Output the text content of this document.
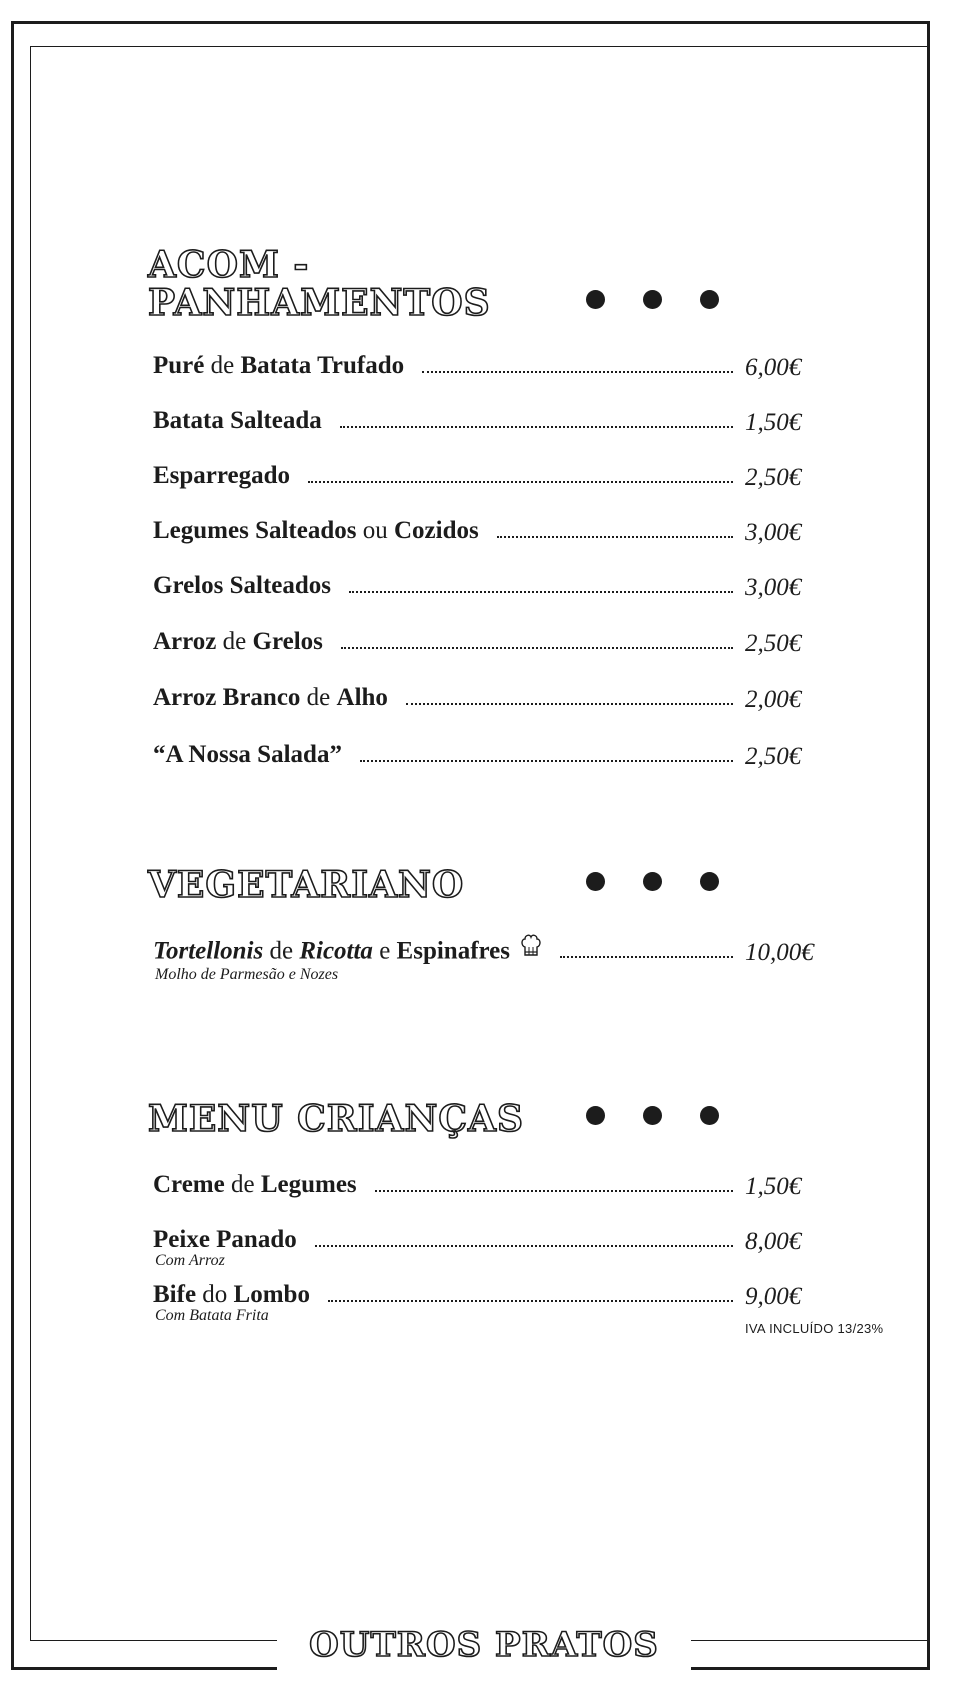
ACOM -
PANHAMENTOS
Puré de Batata Trufado	6,00€
Batata Salteada	1,50€
Esparregado	2,50€
Legumes Salteados ou Cozidos	3,00€
Grelos Salteados	3,00€
Arroz de Grelos	2,50€
Arroz Branco de Alho	2,00€
“A Nossa Salada”	2,50€
VEGETARIANO
Tortellonis de Ricotta e Espinafres	10,00€
Molho de Parmesão e Nozes
MENU CRIANÇAS
Creme de Legumes	1,50€
Peixe Panado	8,00€
Com Arroz
Bife do Lombo	9,00€
Com Batata Frita
IVA INCLUÍDO 13/23%
OUTROS PRATOS
